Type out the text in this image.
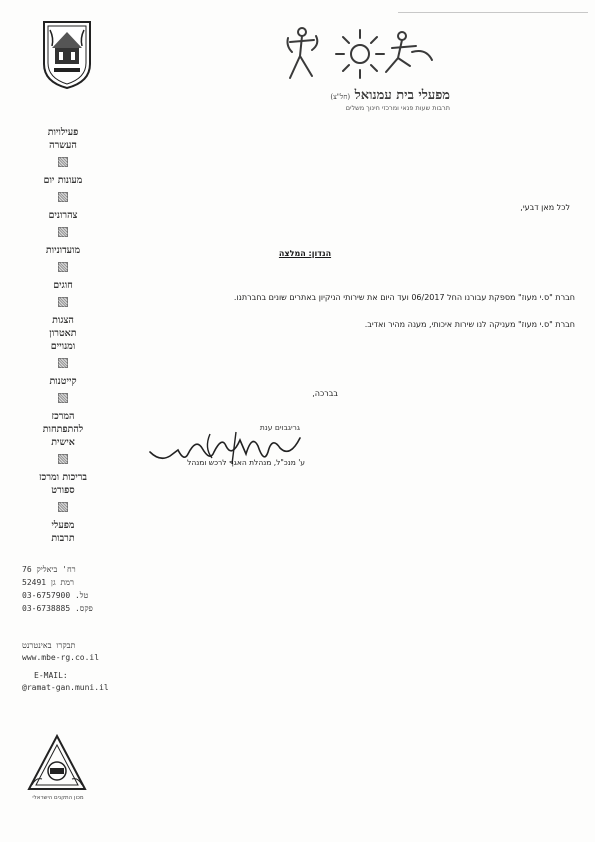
מפעלי בית עמנואל (חל"צ)
תרבות שעות פנאי ומרכזי חינוך משלים
פעילויות
העשרה
מעונות יום
צהרונים
מועדוניות
חוגים
הצגות
תאטרון
ומנויים
קייטנות
המרכז
להתפתחות
אישית
בריכות ומרכז
ספורט
מפעלי
תרבות
רח' ביאליק 76
רמת גן 52491
טל. 03-6757900
פקס. 03-6738885
תבקרו באינטרנט
www.mbe-rg.co.il
E-MAIL:
@ramat-gan.muni.il
מכון התקנים הישראלי
לכל מאן דבעי,
הנדון: המלצה
חברת "ס.י מעוז" מספקת עבורנו החל 06/2017 ועד היום את שירותי הניקיון באתרים שונים בחברתנו.
חברת "ס.י מעוז" מעניקה לנו שירות איכותי, מענה מהיר ואדיב.
בברכה,
גריגבוים ענת
ע' מנכ"ל, מנהלת האגף לרכש ומנהל
